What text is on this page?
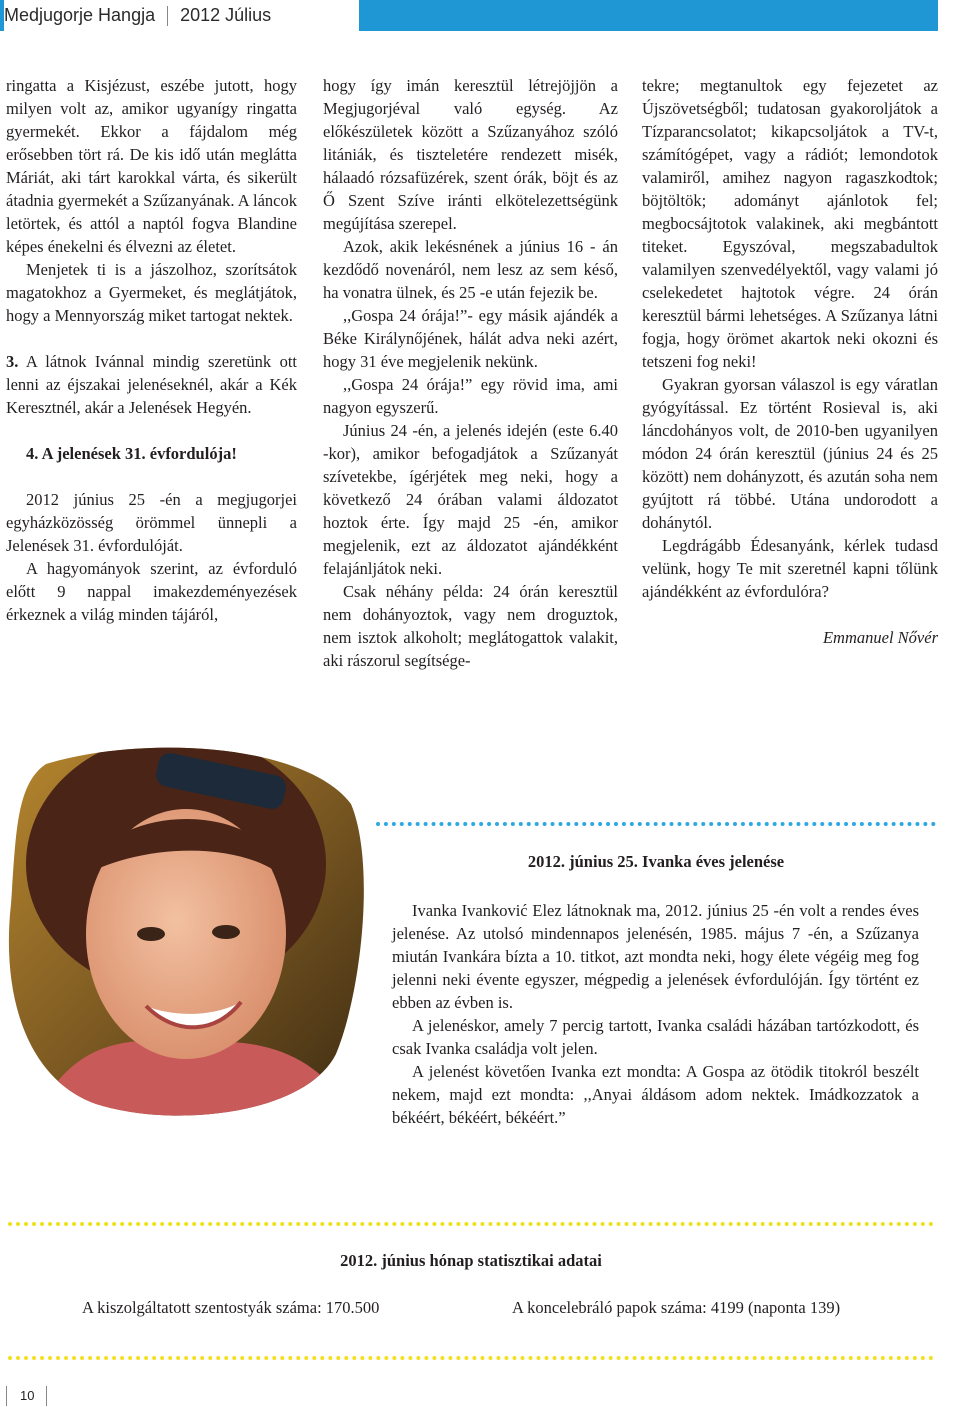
Medjugorje Hangja 2012 Július

ringatta a Kisjézust, eszébe jutott, hogy milyen volt az, amikor ugyanígy ringatta gyermekét. Ekkor a fájdalom még erősebben tört rá. De kis idő után meglátta Máriát, aki tárt karokkal várta, és sikerült átadnia gyermekét a Szűzanyának. A láncok letörtek, és attól a naptól fogva Blandine képes énekelni és élvezni az életet.

Menjetek ti is a jászolhoz, szorítsátok magatokhoz a Gyermeket, és meglátjátok, hogy a Mennyország miket tartogat nektek.

3. A látnok Ivánnal mindig szeretünk ott lenni az éjszakai jelenéseknél, akár a Kék Keresztnél, akár a Jelenések Hegyén.

4. A jelenések 31. évfordulója!

2012 június 25 -én a megjugorjei egyházközösség örömmel ünnepli a Jelenések 31. évfordulóját.

A hagyományok szerint, az évforduló előtt 9 nappal imakezdeményezések érkeznek a világ minden tájáról,

hogy így imán keresztül létrejöjjön a Megjugorjéval való egység. Az előkészületek között a Szűzanyához szóló litániák, és tiszteletére rendezett misék, hálaadó rózsafüzérek, szent órák, böjt és az Ő Szent Szíve iránti elkötelezettségünk megújítása szerepel.

Azok, akik lekésnének a június 16 - án kezdődő novenáról, nem lesz az sem késő, ha vonatra ülnek, és 25 -e után fejezik be.

,,Gospa 24 órája!”- egy másik ajándék a Béke Királynőjének, hálát adva neki azért, hogy 31 éve megjelenik nekünk.

,,Gospa 24 órája!” egy rövid ima, ami nagyon egyszerű.

Június 24 -én, a jelenés idején (este 6.40 -kor), amikor befogadjátok a Szűzanyát szívetekbe, ígérjétek meg neki, hogy a következő 24 órában valami áldozatot hoztok érte. Így majd 25 -én, amikor megjelenik, ezt az áldozatot ajándékként felajánljátok neki.

Csak néhány példa: 24 órán keresztül nem dohányoztok, vagy nem droguztok, nem isztok alkoholt; meglátogattok valakit, aki rászorul segítsége-

tekre; megtanultok egy fejezetet az Újszövetségből; tudatosan gyakoroljátok a Tízparancsolatot; kikapcsoljátok a TV-t, számítógépet, vagy a rádiót; lemondotok valamiről, amihez nagyon ragaszkodtok; böjtöltök; adományt ajánlotok fel; megbocsájtotok valakinek, aki megbántott titeket. Egyszóval, megszabadultok valamilyen szenvedélyektől, vagy valami jó cselekedetet hajtotok végre. 24 órán keresztül bármi lehetséges. A Szűzanya látni fogja, hogy örömet akartok neki okozni és tetszeni fog neki!

Gyakran gyorsan válaszol is egy váratlan gyógyítással. Ez történt Rosieval is, aki láncdohányos volt, de 2010-ben ugyanilyen módon 24 órán keresztül (június 24 és 25 között) nem dohányzott, és azután soha nem gyújtott rá többé. Utána undorodott a dohánytól.

Legdrágább Édesanyánk, kérlek tudasd velünk, hogy Te mit szeretnél kapni tőlünk ajándékként az évfordulóra?

Emmanuel Nővér

2012. június 25. Ivanka éves jelenése

Ivanka Ivanković Elez látnoknak ma, 2012. június 25 -én volt a rendes éves jelenése. Az utolsó mindennapos jelenésén, 1985. május 7 -én, a Szűzanya miután Ivankára bízta a 10. titkot, azt mondta neki, hogy élete végéig meg fog jelenni neki évente egyszer, mégpedig a jelenések évfordulóján. Így történt ez ebben az évben is.

A jelenéskor, amely 7 percig tartott, Ivanka családi házában tartózkodott, és csak Ivanka családja volt jelen.

A jelenést követően Ivanka ezt mondta: A Gospa az ötödik titokról beszélt nekem, majd ezt mondta: ,,Anyai áldásom adom nektek. Imádkozzatok a békéért, békéért, békéért.”

2012. június hónap statisztikai adatai
A kiszolgáltatott szentostyák száma: 170.500	A koncelebráló papok száma: 4199 (naponta 139)
10
